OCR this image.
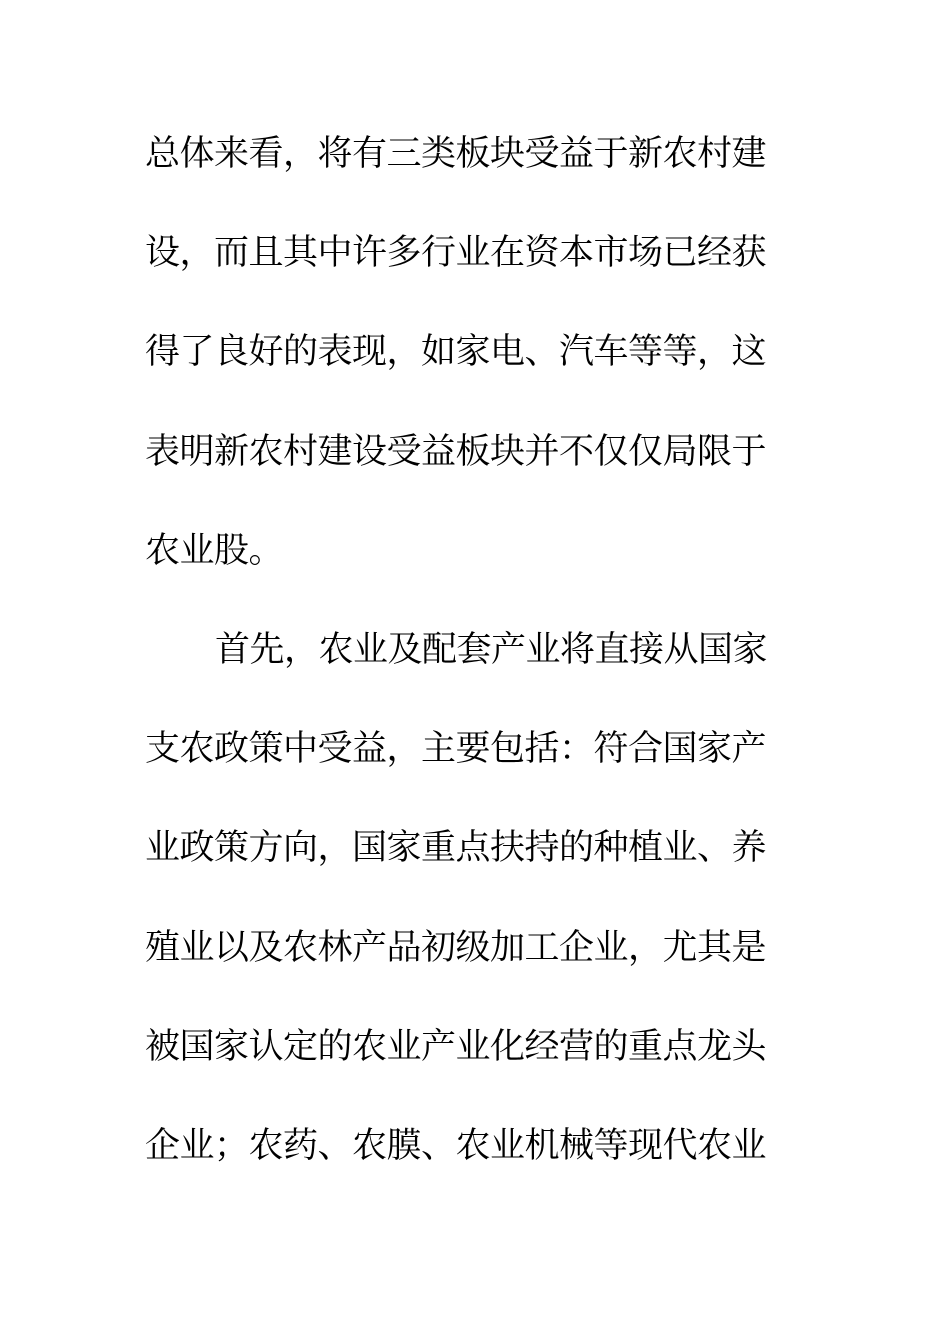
总体来看，将有三类板块受益于新农村建
设，而且其中许多行业在资本市场已经获
得了良好的表现，如家电、汽车等等，这
表明新农村建设受益板块并不仅仅局限于
农业股。
首先，农业及配套产业将直接从国家
支农政策中受益，主要包括：符合国家产
业政策方向，国家重点扶持的种植业、养
殖业以及农林产品初级加工企业，尤其是
被国家认定的农业产业化经营的重点龙头
企业；农药、农膜、农业机械等现代农业
